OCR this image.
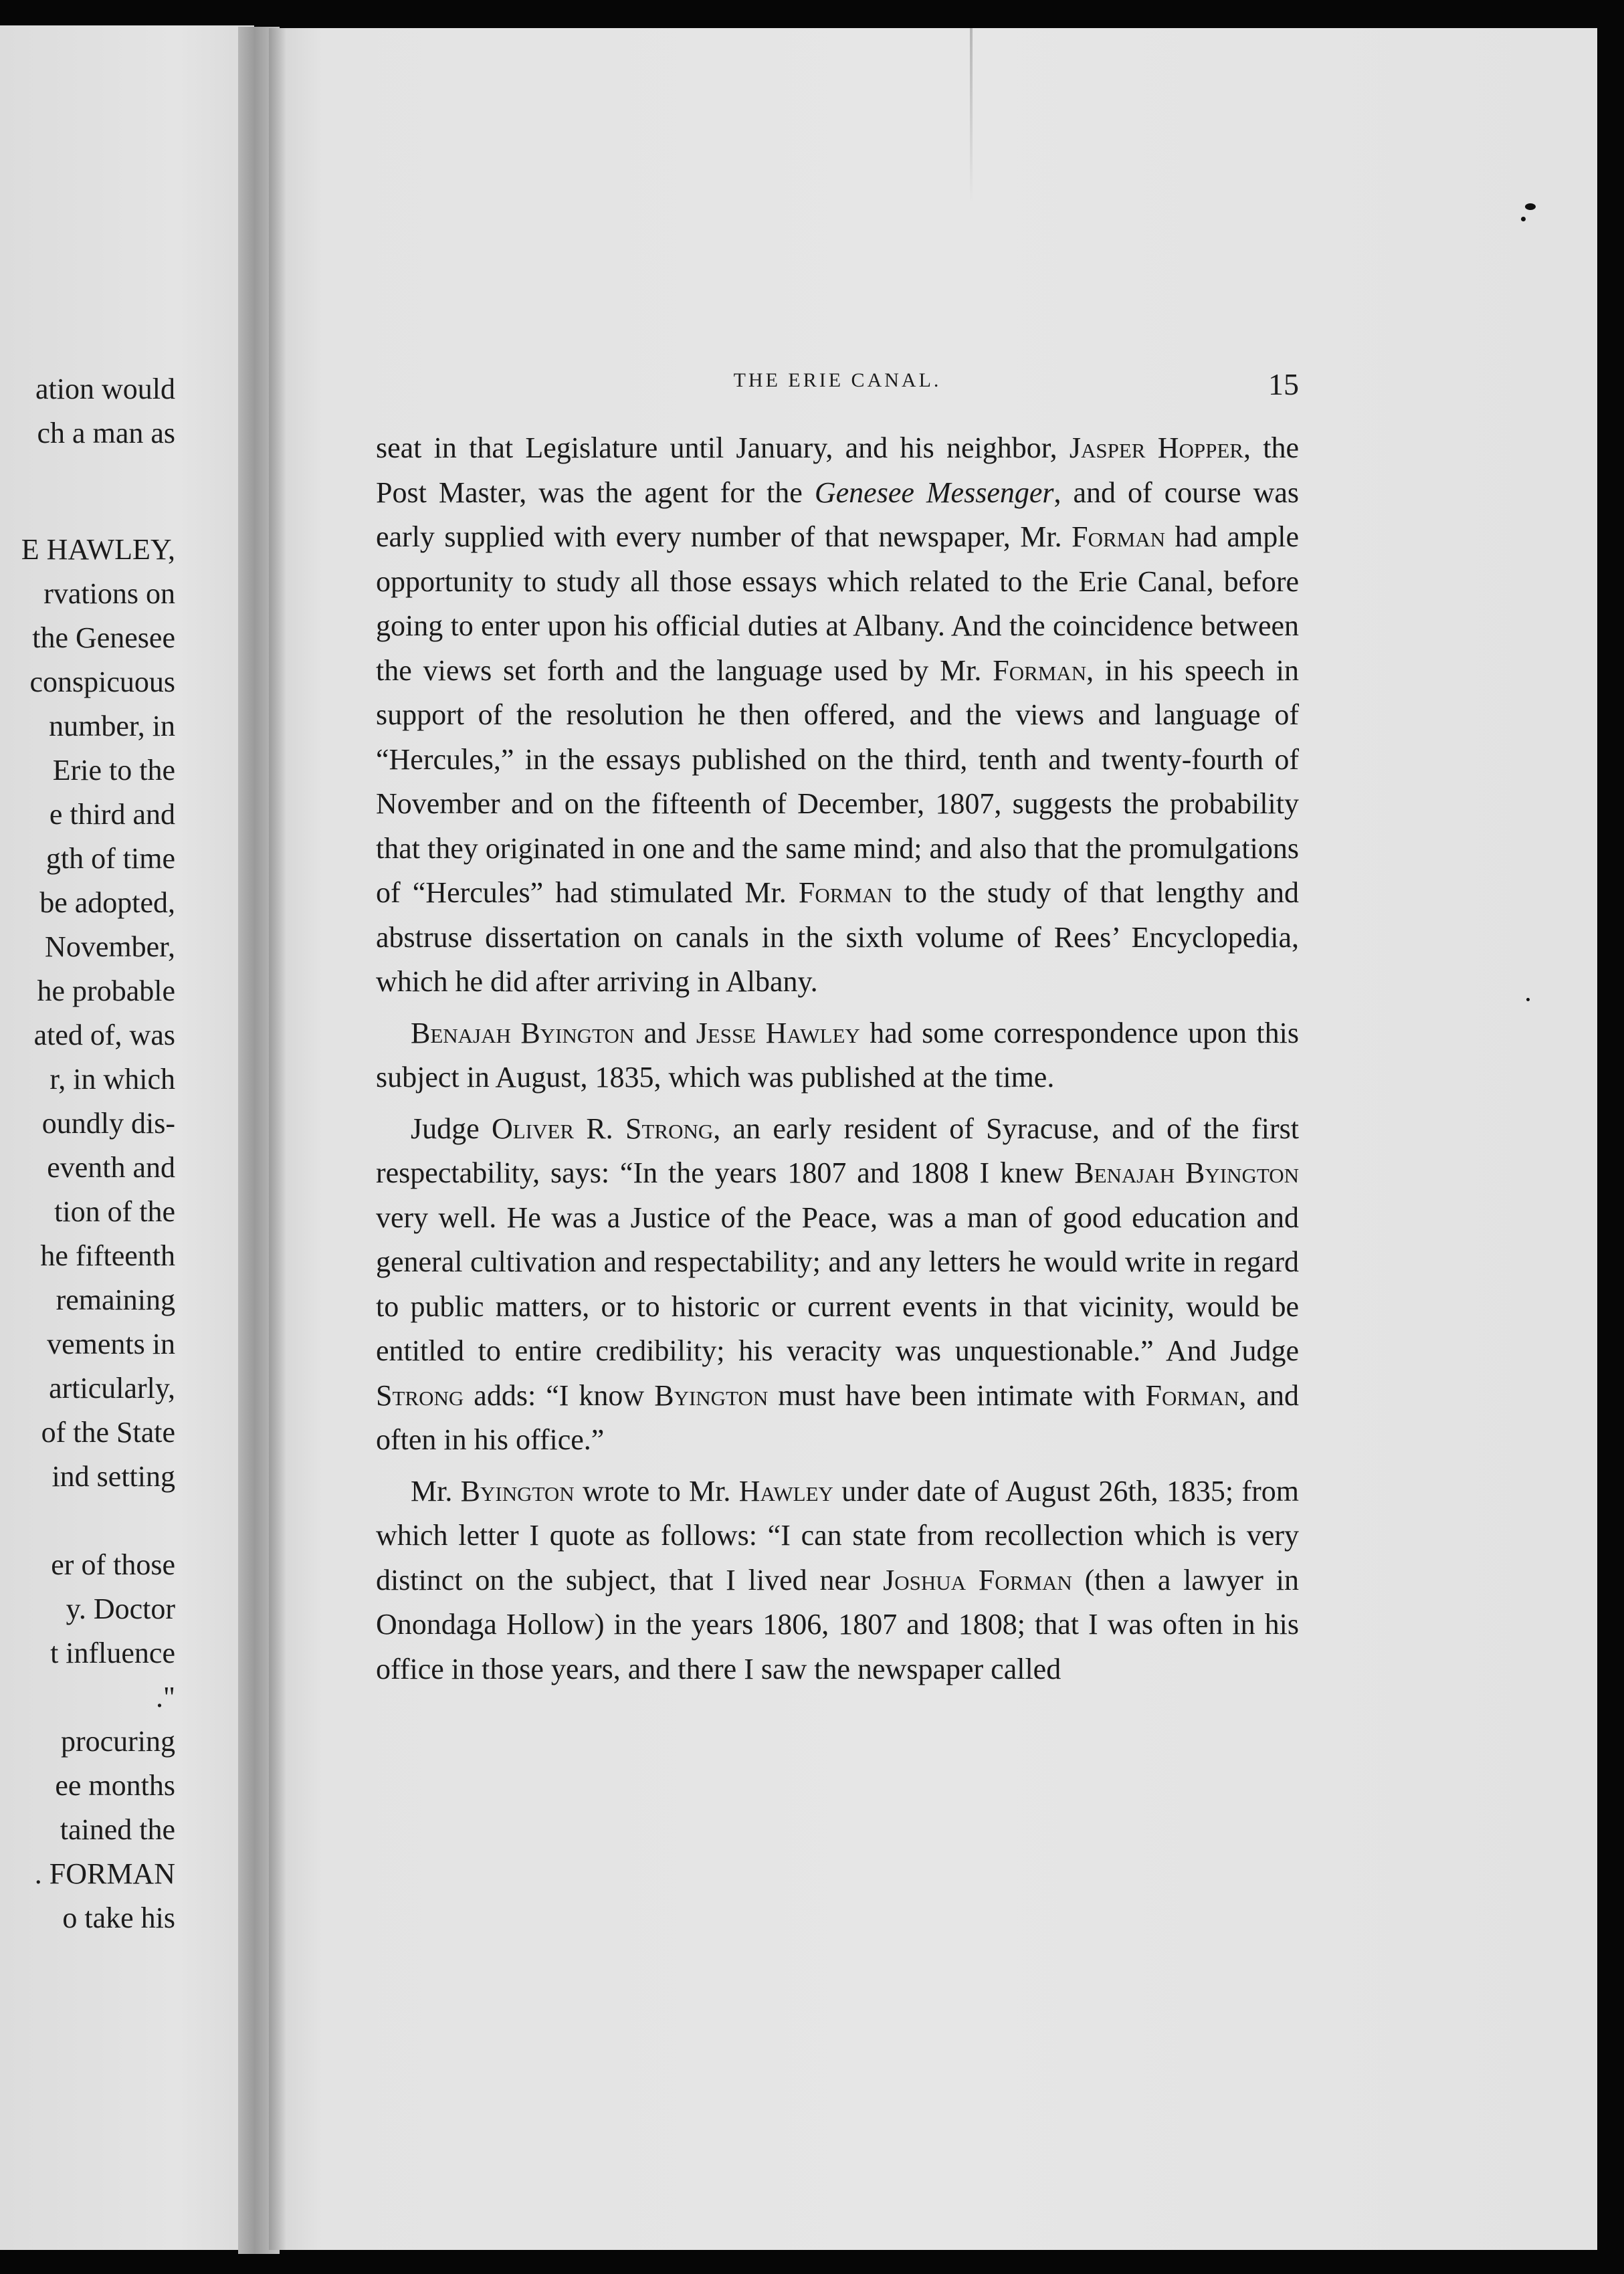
ation would
ch a man as
E HAWLEY,
rvations on
the Genesee
conspicuous
number, in
Erie to the
e third and
gth of time
be adopted,
November,
he probable
ated of, was
r, in which
oundly dis-
eventh and
tion of the
he fifteenth
remaining
vements in
articularly,
of the State
ind setting
er of those
y. Doctor
t influence
."
procuring
ee months
tained the
. FORMAN
o take his
THE ERIE CANAL.	15

seat in that Legislature until January, and his neighbor, Jasper Hopper, the Post Master, was the agent for the Genesee Messenger, and of course was early supplied with every number of that newspaper, Mr. Forman had ample opportunity to study all those essays which related to the Erie Canal, before going to enter upon his official duties at Albany. And the coincidence between the views set forth and the language used by Mr. Forman, in his speech in support of the resolution he then offered, and the views and language of “Hercules,” in the essays published on the third, tenth and twenty-fourth of November and on the fifteenth of December, 1807, suggests the probability that they originated in one and the same mind; and also that the promulgations of “Hercules” had stimulated Mr. Forman to the study of that lengthy and abstruse dissertation on canals in the sixth volume of Rees’ Encyclopedia, which he did after arriving in Albany.

Benajah Byington and Jesse Hawley had some correspondence upon this subject in August, 1835, which was published at the time.

Judge Oliver R. Strong, an early resident of Syracuse, and of the first respectability, says: “In the years 1807 and 1808 I knew Benajah Byington very well. He was a Justice of the Peace, was a man of good education and general cultivation and respectability; and any letters he would write in regard to public matters, or to historic or current events in that vicinity, would be entitled to entire credibility; his veracity was unquestionable.” And Judge Strong adds: “I know Byington must have been intimate with Forman, and often in his office.”

Mr. Byington wrote to Mr. Hawley under date of August 26th, 1835; from which letter I quote as follows: “I can state from recollection which is very distinct on the subject, that I lived near Joshua Forman (then a lawyer in Onondaga Hollow) in the years 1806, 1807 and 1808; that I was often in his office in those years, and there I saw the newspaper called
